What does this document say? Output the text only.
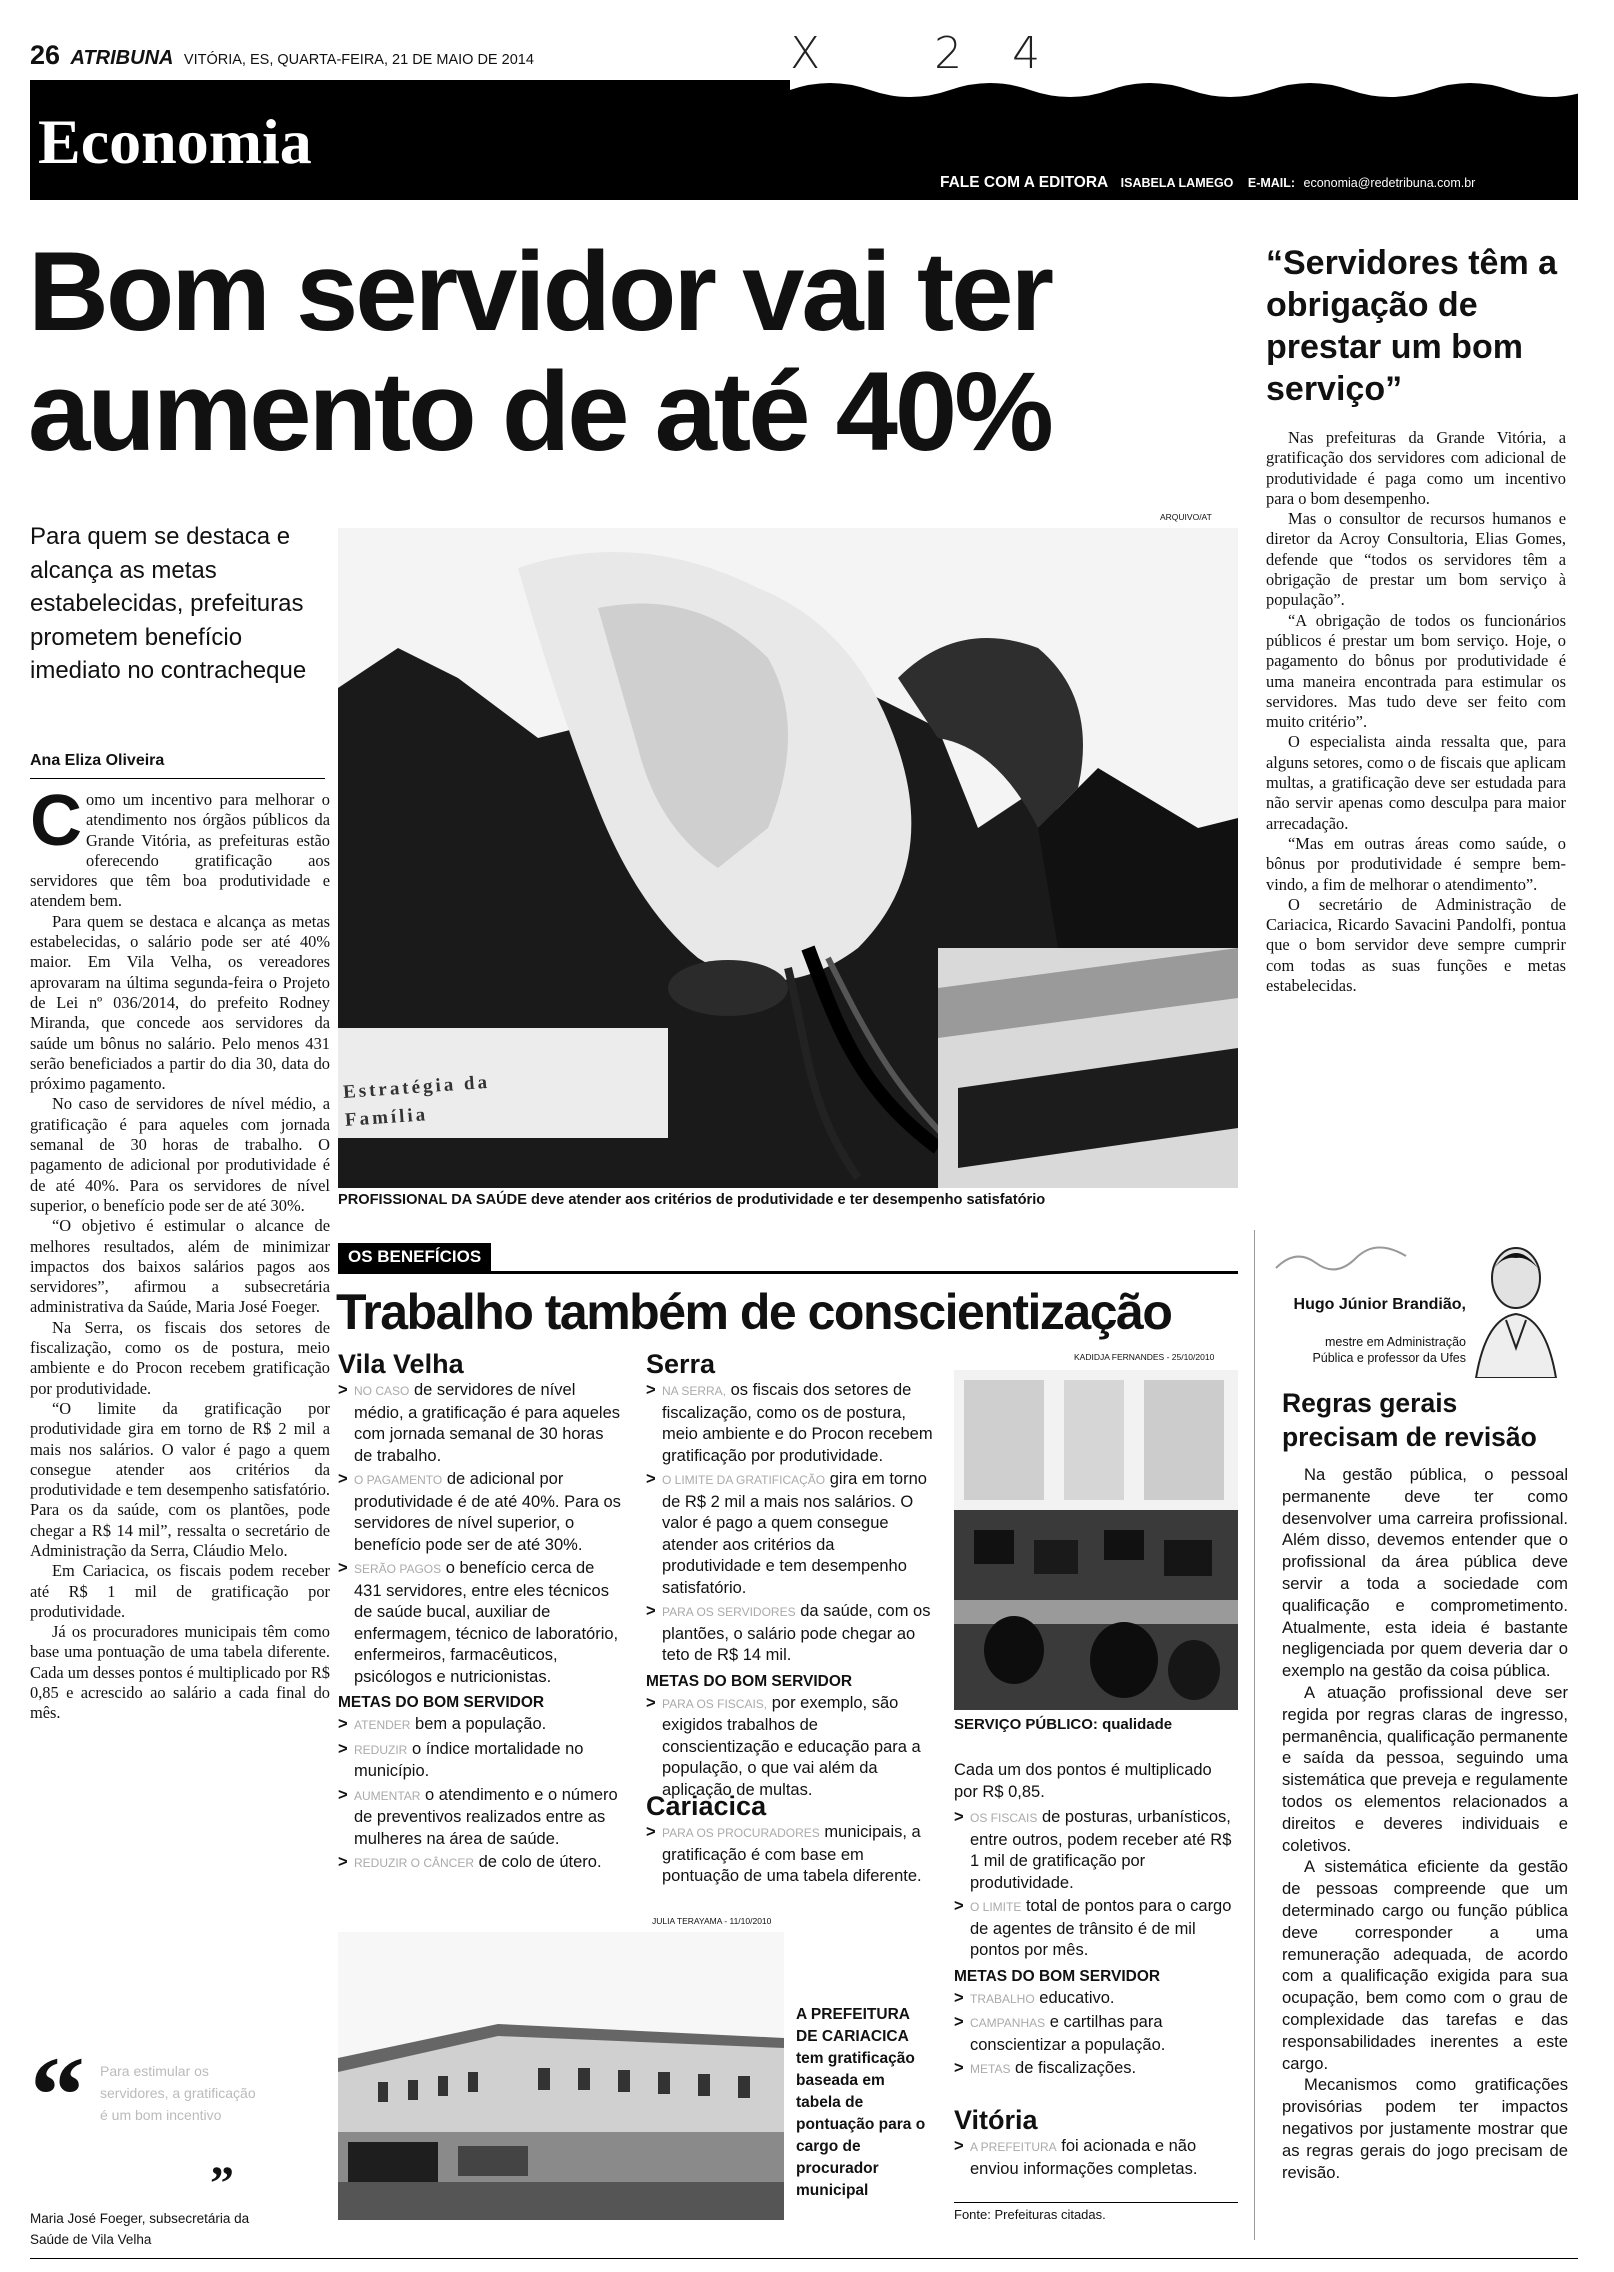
26 ATRIBUNA VITÓRIA, ES, QUARTA-FEIRA, 21 DE MAIO DE 2014	X 24
Economia
FALE COM A EDITORA ISABELA LAMEGO E-MAIL: economia@redetribuna.com.br
Bom servidor vai ter
aumento de até 40%
Para quem se destaca e alcança as metas estabelecidas, prefeituras prometem benefício imediato no contracheque
Ana Eliza Oliveira

Como um incentivo para melhorar o atendimento nos órgãos públicos da Grande Vitória, as prefeituras estão oferecendo gratificação aos servidores que têm boa produtividade e atendem bem.

Para quem se destaca e alcança as metas estabelecidas, o salário pode ser até 40% maior. Em Vila Velha, os vereadores aprovaram na última segunda-feira o Projeto de Lei nº 036/2014, do prefeito Rodney Miranda, que concede aos servidores da saúde um bônus no salário. Pelo menos 431 serão beneficiados a partir do dia 30, data do próximo pagamento.

No caso de servidores de nível médio, a gratificação é para aqueles com jornada semanal de 30 horas de trabalho. O pagamento de adicional por produtividade é de até 40%. Para os servidores de nível superior, o benefício pode ser de até 30%.

“O objetivo é estimular o alcance de melhores resultados, além de minimizar impactos dos baixos salários pagos aos servidores”, afirmou a subsecretária administrativa da Saúde, Maria José Foeger.

Na Serra, os fiscais dos setores de fiscalização, como os de postura, meio ambiente e do Procon recebem gratificação por produtividade.

“O limite da gratificação por produtividade gira em torno de R$ 2 mil a mais nos salários. O valor é pago a quem consegue atender aos critérios da produtividade e tem desempenho satisfatório. Para os da saúde, com os plantões, pode chegar a R$ 14 mil”, ressalta o secretário de Administração da Serra, Cláudio Melo.

Em Cariacica, os fiscais podem receber até R$ 1 mil de gratificação por produtividade.

Já os procuradores municipais têm como base uma pontuação de uma tabela diferente. Cada um desses pontos é multiplicado por R$ 0,85 e acrescido ao salário a cada final do mês.

“ Para estimular os servidores, a gratificação é um bom incentivo
”
Maria José Foeger, subsecretária da Saúde de Vila Velha
ARQUIVO/AT
Estratégia da Família
PROFISSIONAL DA SAÚDE deve atender aos critérios de produtividade e ter desempenho satisfatório
“Servidores têm a obrigação de prestar um bom serviço”

Nas prefeituras da Grande Vitória, a gratificação dos servidores com adicional de produtividade é paga como um incentivo para o bom desempenho.

Mas o consultor de recursos humanos e diretor da Acroy Consultoria, Elias Gomes, defende que “todos os servidores têm a obrigação de prestar um bom serviço à população”.

“A obrigação de todos os funcionários públicos é prestar um bom serviço. Hoje, o pagamento do bônus por produtividade é uma maneira encontrada para estimular os servidores. Mas tudo deve ser feito com muito critério”.

O especialista ainda ressalta que, para alguns setores, como o de fiscais que aplicam multas, a gratificação deve ser estudada para não servir apenas como desculpa para maior arrecadação.

“Mas em outras áreas como saúde, o bônus por produtividade é sempre bem-vindo, a fim de melhorar o atendimento”.

O secretário de Administração de Cariacica, Ricardo Savacini Pandolfi, pontua que o bom servidor deve sempre cumprir com todas as suas funções e metas estabelecidas.

OS BENEFÍCIOS
Trabalho também de conscientização
KADIDJA FERNANDES - 25/10/2010
Vila Velha
> NO CASO de servidores de nível médio, a gratificação é para aqueles com jornada semanal de 30 horas de trabalho.
> O PAGAMENTO de adicional por produtividade é de até 40%. Para os servidores de nível superior, o benefício pode ser de até 30%.
> SERÃO PAGOS o benefício cerca de 431 servidores, entre eles técnicos de saúde bucal, auxiliar de enfermagem, técnico de laboratório, enfermeiros, farmacêuticos, psicólogos e nutricionistas.
METAS DO BOM SERVIDOR
> ATENDER bem a população.
> REDUZIR o índice mortalidade no município.
> AUMENTAR o atendimento e o número de preventivos realizados entre as mulheres na área de saúde.
> REDUZIR O CÂNCER de colo de útero.
Serra
> NA SERRA, os fiscais dos setores de fiscalização, como os de postura, meio ambiente e do Procon recebem gratificação por produtividade.
> O LIMITE DA GRATIFICAÇÃO gira em torno de R$ 2 mil a mais nos salários. O valor é pago a quem consegue atender aos critérios da produtividade e tem desempenho satisfatório.
> PARA OS SERVIDORES da saúde, com os plantões, o salário pode chegar ao teto de R$ 14 mil.
METAS DO BOM SERVIDOR
> PARA OS FISCAIS, por exemplo, são exigidos trabalhos de conscientização e educação para a população, o que vai além da aplicação de multas.
Cariacica
> PARA OS PROCURADORES municipais, a gratificação é com base em pontuação de uma tabela diferente.
SERVIÇO PÚBLICO: qualidade
Cada um dos pontos é multiplicado por R$ 0,85.
> OS FISCAIS de posturas, urbanísticos, entre outros, podem receber até R$ 1 mil de gratificação por produtividade.
> O LIMITE total de pontos para o cargo de agentes de trânsito é de mil pontos por mês.
METAS DO BOM SERVIDOR
> TRABALHO educativo.
> CAMPANHAS e cartilhas para conscientizar a população.
> METAS de fiscalizações.
Vitória
> A PREFEITURA foi acionada e não enviou informações completas.
Fonte: Prefeituras citadas.
JULIA TERAYAMA - 11/10/2010
A PREFEITURA DE CARIACICA
tem gratificação baseada em tabela de pontuação para o cargo de procurador municipal
Hugo Júnior Brandião,
mestre em Administração Pública e professor da Ufes
Regras gerais precisam de revisão

Na gestão pública, o pessoal permanente deve ter como desenvolver uma carreira profissional. Além disso, devemos entender que o profissional da área pública deve servir a toda a sociedade com qualificação e comprometimento. Atualmente, esta ideia é bastante negligenciada por quem deveria dar o exemplo na gestão da coisa pública.

A atuação profissional deve ser regida por regras claras de ingresso, permanência, qualificação permanente e saída da pessoa, seguindo uma sistemática que preveja e regulamente todos os elementos relacionados a direitos e deveres individuais e coletivos.

A sistemática eficiente da gestão de pessoas compreende que um determinado cargo ou função pública deve corresponder a uma remuneração adequada, de acordo com a qualificação exigida para sua ocupação, bem como com o grau de complexidade das tarefas e das responsabilidades inerentes a este cargo.

Mecanismos como gratificações provisórias podem ter impactos negativos por justamente mostrar que as regras gerais do jogo precisam de revisão.
